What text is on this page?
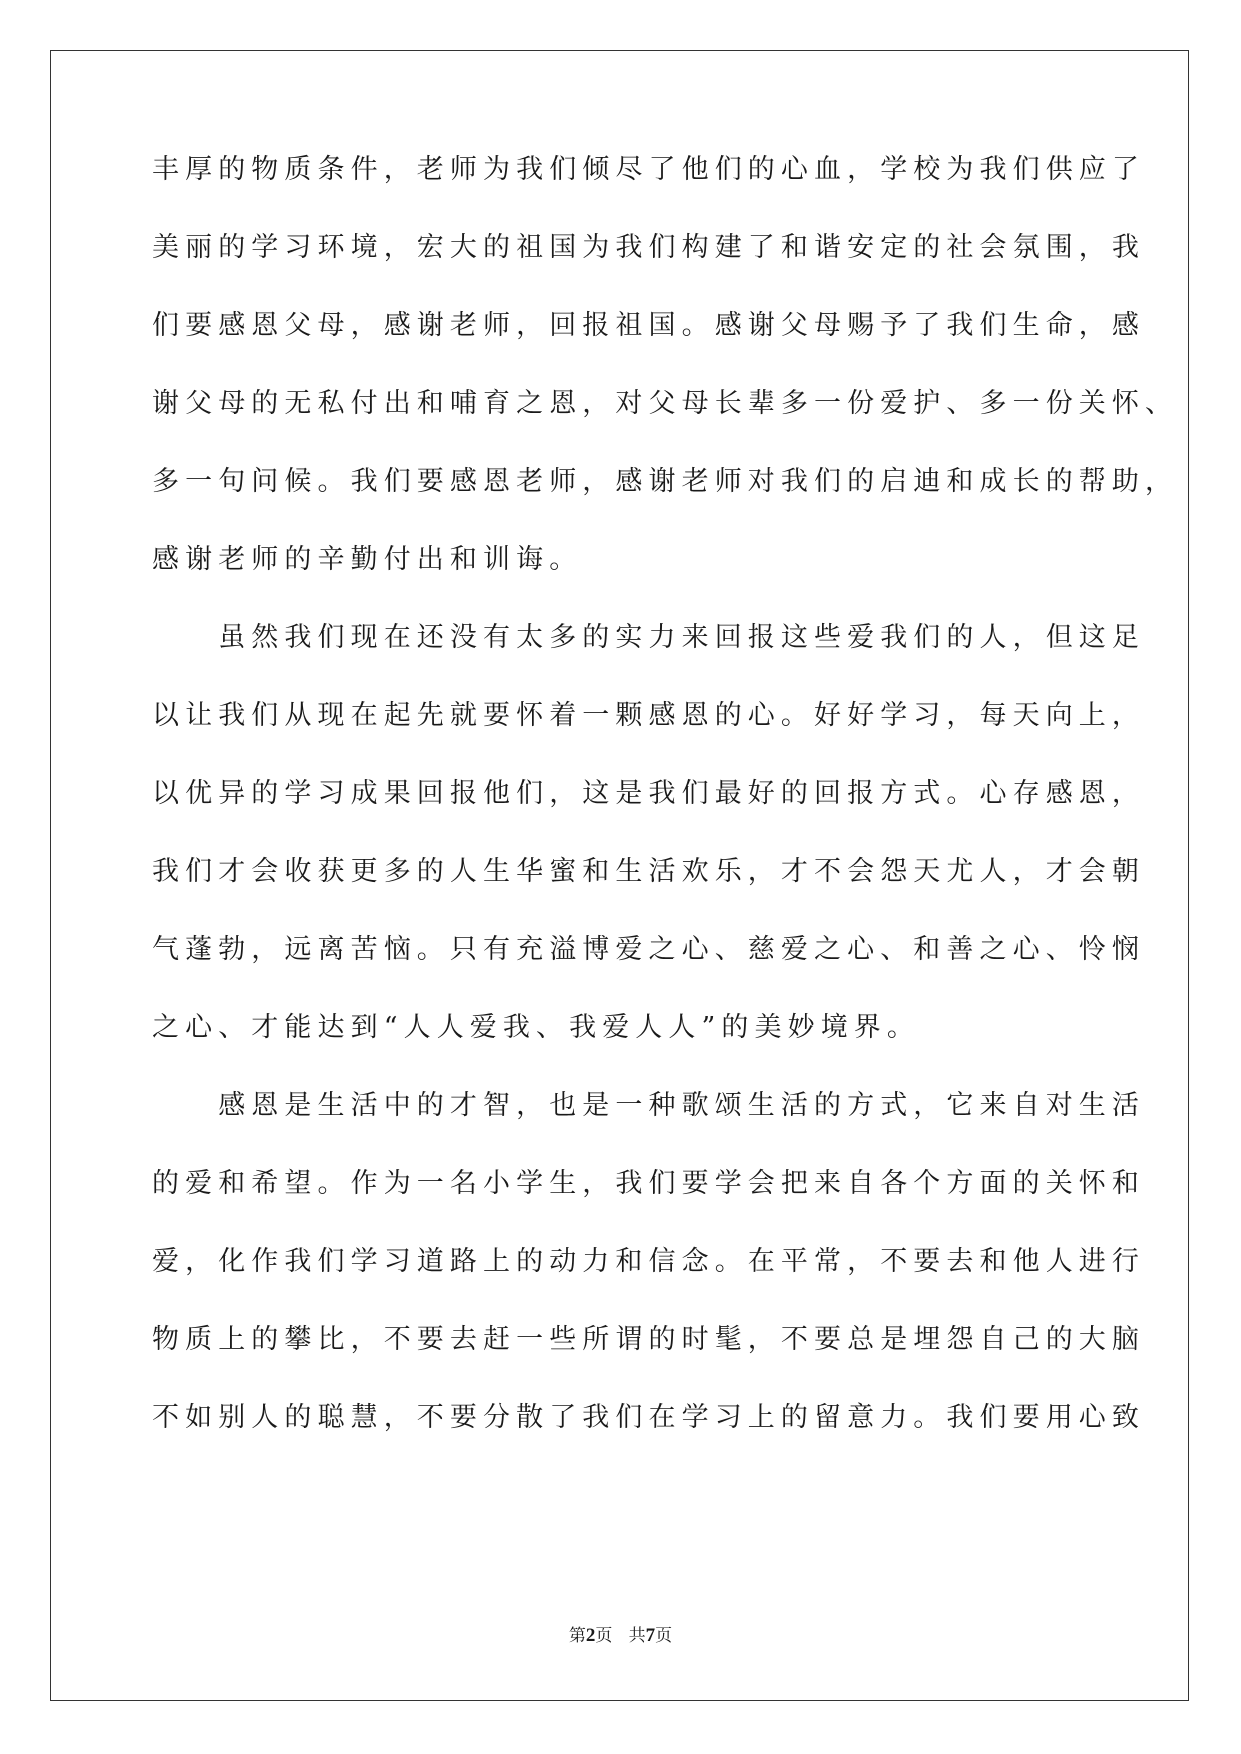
丰厚的物质条件，老师为我们倾尽了他们的心血，学校为我们供应了
美丽的学习环境，宏大的祖国为我们构建了和谐安定的社会氛围，我
们要感恩父母，感谢老师，回报祖国。感谢父母赐予了我们生命，感
谢父母的无私付出和哺育之恩，对父母长辈多一份爱护、多一份关怀、
多一句问候。我们要感恩老师，感谢老师对我们的启迪和成长的帮助，
感谢老师的辛勤付出和训诲。
　　虽然我们现在还没有太多的实力来回报这些爱我们的人，但这足
以让我们从现在起先就要怀着一颗感恩的心。好好学习，每天向上，
以优异的学习成果回报他们，这是我们最好的回报方式。心存感恩，
我们才会收获更多的人生华蜜和生活欢乐，才不会怨天尤人，才会朝
气蓬勃，远离苦恼。只有充溢博爱之心、慈爱之心、和善之心、怜悯
之心、才能达到“人人爱我、我爱人人”的美妙境界。
　　感恩是生活中的才智，也是一种歌颂生活的方式，它来自对生活
的爱和希望。作为一名小学生，我们要学会把来自各个方面的关怀和
爱，化作我们学习道路上的动力和信念。在平常，不要去和他人进行
物质上的攀比，不要去赶一些所谓的时髦，不要总是埋怨自己的大脑
不如别人的聪慧，不要分散了我们在学习上的留意力。我们要用心致
第2页 共7页
